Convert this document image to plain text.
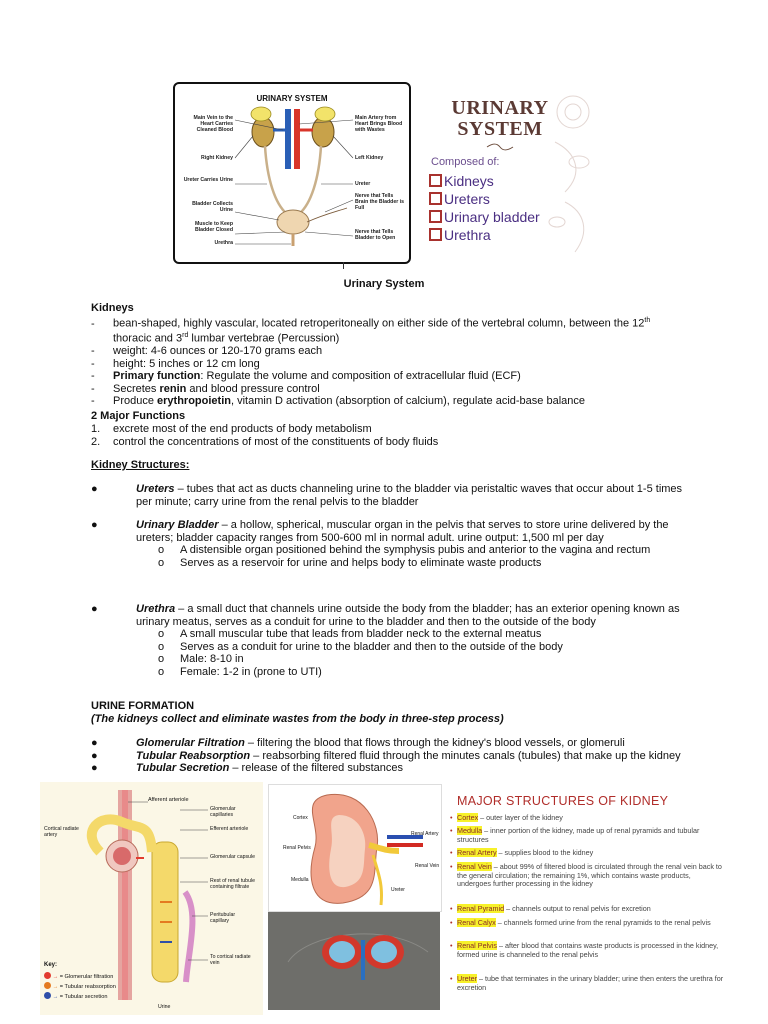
URINARY SYSTEM
Main Vein to the Heart Carries Cleaned Blood
Right Kidney
Ureter Carries Urine
Bladder Collects Urine
Muscle to Keep Bladder Closed
Urethra
Main Artery from Heart Brings Blood with Wastes
Left Kidney
Ureter
Nerve that Tells Brain the Bladder is Full
Nerve that Tells Bladder to Open
Urinary System
URINARY
SYSTEM
Composed of:
Kidneys
Ureters
Urinary bladder
Urethra
Kidneys
- bean-shaped, highly vascular, located retroperitoneally on either side of the vertebral column, between the 12th
thoracic and 3rd lumbar vertebrae (Percussion)
- weight: 4-6 ounces or 120-170 grams each
- height: 5 inches or 12 cm long
- Primary function: Regulate the volume and composition of extracellular fluid (ECF)
- Secretes renin and blood pressure control
- Produce erythropoietin, vitamin D activation (absorption of calcium), regulate acid-base balance
2 Major Functions
1. excrete most of the end products of body metabolism
2. control the concentrations of most of the constituents of body fluids
Kidney Structures:
●	Ureters – tubes that act as ducts channeling urine to the bladder via peristaltic waves that occur about 1-5 times
per minute; carry urine from the renal pelvis to the bladder
●	Urinary Bladder – a hollow, spherical, muscular organ in the pelvis that serves to store urine delivered by the
ureters; bladder capacity ranges from 500-600 ml in normal adult. urine output: 1,500 ml per day
o A distensible organ positioned behind the symphysis pubis and anterior to the vagina and rectum
o Serves as a reservoir for urine and helps body to eliminate waste products
●	Urethra – a small duct that channels urine outside the body from the bladder; has an exterior opening known as
urinary meatus, serves as a conduit for urine to the bladder and then to the outside of the body
o A small muscular tube that leads from bladder neck to the external meatus
o Serves as a conduit for urine to the bladder and then to the outside of the body
o Male: 8-10 in
o Female: 1-2 in (prone to UTI)
URINE FORMATION
(The kidneys collect and eliminate wastes from the body in three-step process)
●	Glomerular Filtration – filtering the blood that flows through the kidney's blood vessels, or glomeruli
●	Tubular Reabsorption – reabsorbing filtered fluid through the minutes canals (tubules) that make up the kidney
●	Tubular Secretion – release of the filtered substances
Afferent arteriole
Glomerular capillaries
Efferent arteriole
Cortical radiate artery
Glomerular capsule
Rest of renal tubule containing filtrate
Peritubular capillary
To cortical radiate vein
Urine
Key:
→ = Glomerular filtration
→ = Tubular reabsorption
→ = Tubular secretion
Cortex
Renal Pelvis
Medulla
Renal Artery
Renal Vein
Ureter
MAJOR STRUCTURES OF KIDNEY
• Cortex – outer layer of the kidney
• Medulla – inner portion of the kidney, made up of renal pyramids and tubular structures
• Renal Artery – supplies blood to the kidney
• Renal Vein – about 99% of filtered blood is circulated through the renal vein back to the general circulation; the remaining 1%, which contains waste products, undergoes further processing in the kidney
• Renal Pyramid – channels output to renal pelvis for excretion
• Renal Calyx – channels formed urine from the renal pyramids to the renal pelvis
• Renal Pelvis – after blood that contains waste products is processed in the kidney, formed urine is channeled to the renal pelvis
• Ureter – tube that terminates in the urinary bladder; urine then enters the urethra for excretion
